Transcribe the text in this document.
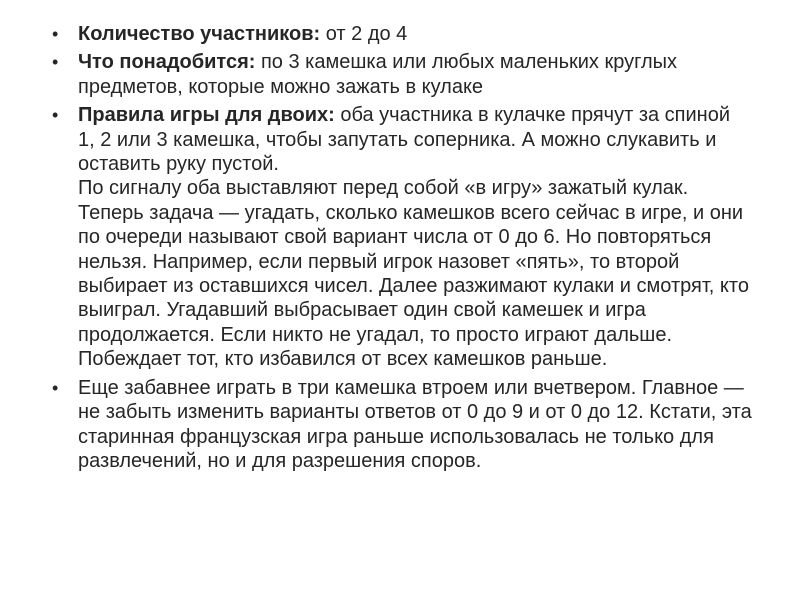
• Количество участников: от 2 до 4
• Что понадобится: по 3 камешка или любых маленьких круглых предметов, которые можно зажать в кулаке
• Правила игры для двоих: оба участника в кулачке прячут за спиной 1, 2 или 3 камешка, чтобы запутать соперника. А можно слукавить и оставить руку пустой.
По сигналу оба выставляют перед собой «в игру» зажатый кулак. Теперь задача — угадать, сколько камешков всего сейчас в игре, и они по очереди называют свой вариант числа от 0 до 6. Но повторяться нельзя. Например, если первый игрок назовет «пять», то второй выбирает из оставшихся чисел. Далее разжимают кулаки и смотрят, кто выиграл. Угадавший выбрасывает один свой камешек и игра продолжается. Если никто не угадал, то просто играют дальше. Побеждает тот, кто избавился от всех камешков раньше.
• Еще забавнее играть в три камешка втроем или вчетвером. Главное — не забыть изменить варианты ответов от 0 до 9 и от 0 до 12. Кстати, эта старинная французская игра раньше использовалась не только для развлечений, но и для разрешения споров.
